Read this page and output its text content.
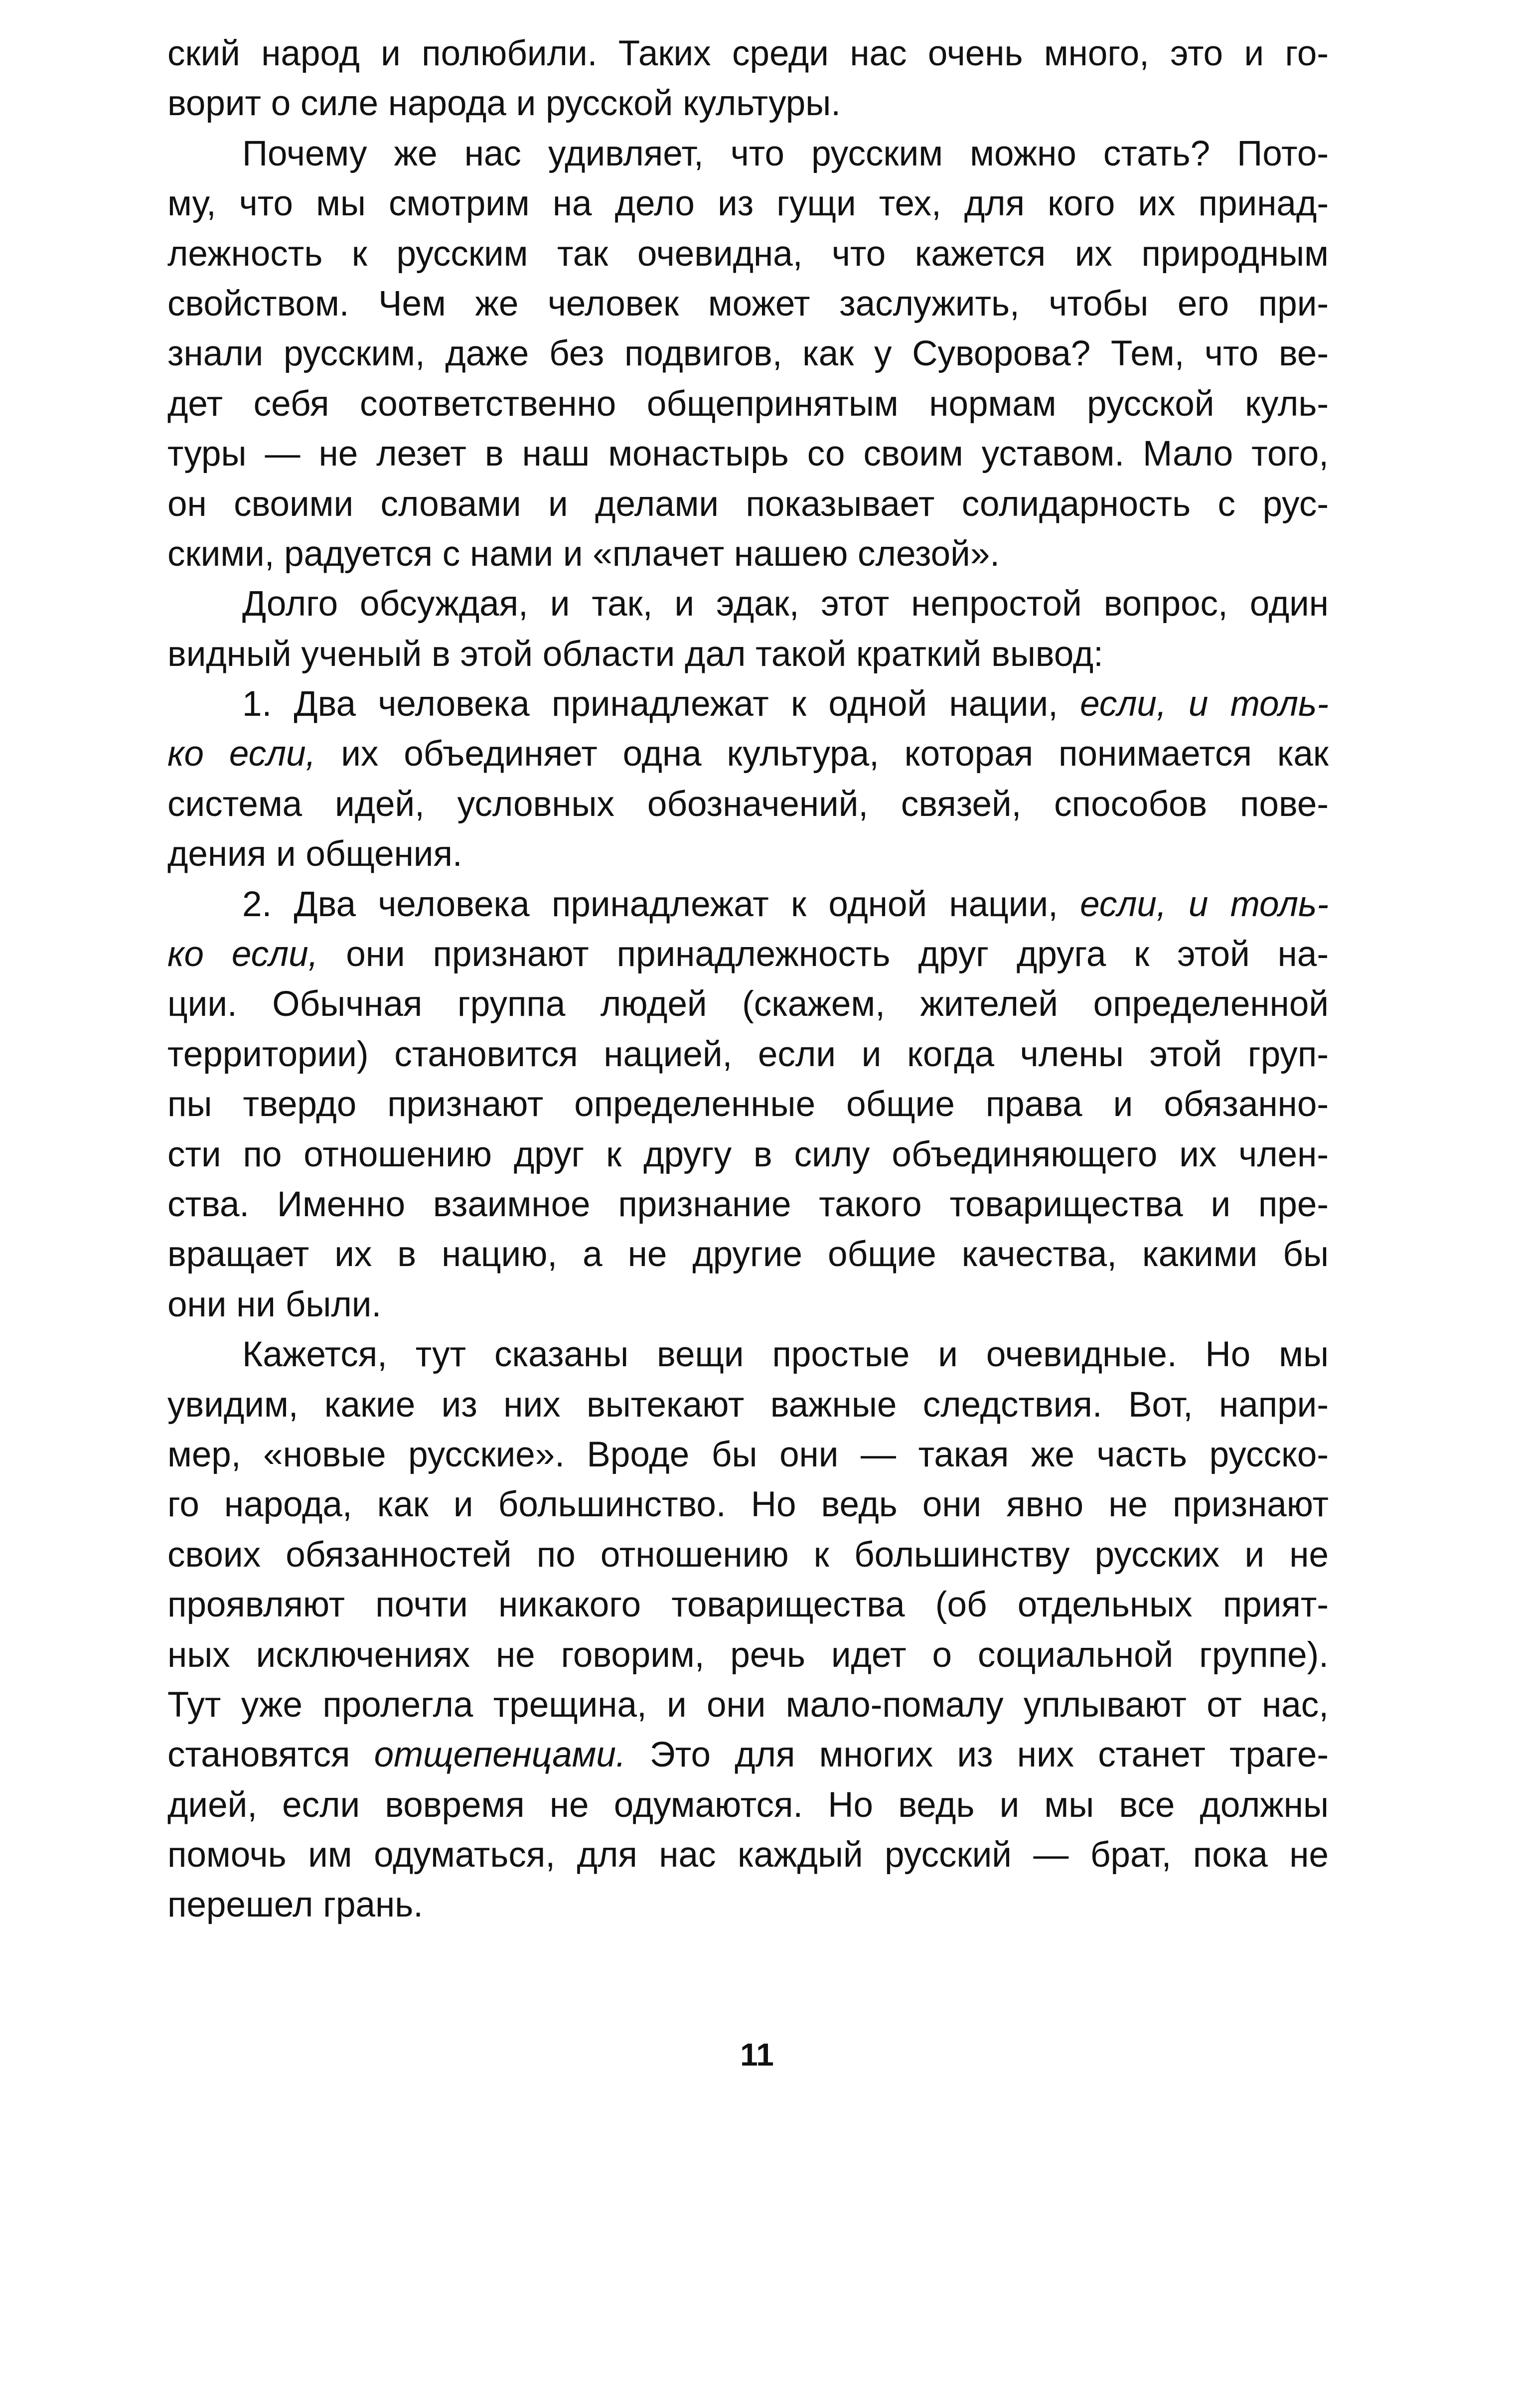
ский народ и полюбили. Таких среди нас очень много, это и го-
ворит о силе народа и русской культуры.
Почему же нас удивляет, что русским можно стать? Пото-
му, что мы смотрим на дело из гущи тех, для кого их принад-
лежность к русским так очевидна, что кажется их природным
свойством. Чем же человек может заслужить, чтобы его при-
знали русским, даже без подвигов, как у Суворова? Тем, что ве-
дет себя соответственно общепринятым нормам русской куль-
туры — не лезет в наш монастырь со своим уставом. Мало того,
он своими словами и делами показывает солидарность с рус-
скими, радуется с нами и «плачет нашею слезой».
Долго обсуждая, и так, и эдак, этот непростой вопрос, один
видный ученый в этой области дал такой краткий вывод:
1. Два человека принадлежат к одной нации, если, и толь-
ко если, их объединяет одна культура, которая понимается как
система идей, условных обозначений, связей, способов пове-
дения и общения.
2. Два человека принадлежат к одной нации, если, и толь-
ко если, они признают принадлежность друг друга к этой на-
ции. Обычная группа людей (скажем, жителей определенной
территории) становится нацией, если и когда члены этой груп-
пы твердо признают определенные общие права и обязанно-
сти по отношению друг к другу в силу объединяющего их член-
ства. Именно взаимное признание такого товарищества и пре-
вращает их в нацию, а не другие общие качества, какими бы
они ни были.
Кажется, тут сказаны вещи простые и очевидные. Но мы
увидим, какие из них вытекают важные следствия. Вот, напри-
мер, «новые русские». Вроде бы они — такая же часть русско-
го народа, как и большинство. Но ведь они явно не признают
своих обязанностей по отношению к большинству русских и не
проявляют почти никакого товарищества (об отдельных прият-
ных исключениях не говорим, речь идет о социальной группе).
Тут уже пролегла трещина, и они мало-помалу уплывают от нас,
становятся отщепенцами. Это для многих из них станет траге-
дией, если вовремя не одумаются. Но ведь и мы все должны
помочь им одуматься, для нас каждый русский — брат, пока не
перешел грань.
11
